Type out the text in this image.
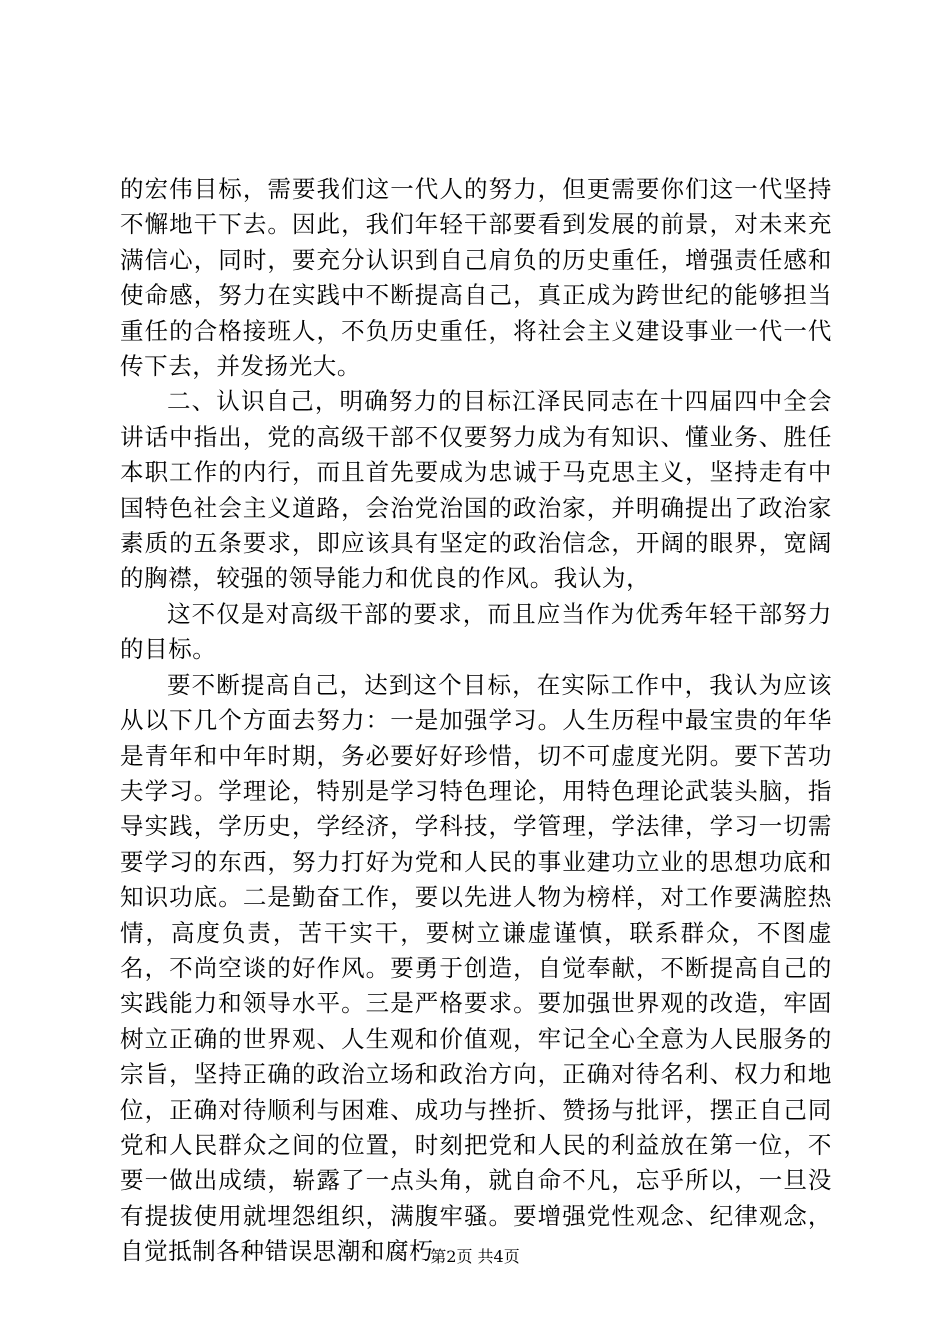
的宏伟目标，需要我们这一代人的努力，但更需要你们这一代坚持不懈地干下去。因此，我们年轻干部要看到发展的前景，对未来充满信心，同时，要充分认识到自己肩负的历史重任，增强责任感和使命感，努力在实践中不断提高自己，真正成为跨世纪的能够担当重任的合格接班人，不负历史重任，将社会主义建设事业一代一代传下去，并发扬光大。

二、认识自己，明确努力的目标江泽民同志在十四届四中全会讲话中指出，党的高级干部不仅要努力成为有知识、懂业务、胜任本职工作的内行，而且首先要成为忠诚于马克思主义，坚持走有中国特色社会主义道路，会治党治国的政治家，并明确提出了政治家素质的五条要求，即应该具有坚定的政治信念，开阔的眼界，宽阔的胸襟，较强的领导能力和优良的作风。我认为，

这不仅是对高级干部的要求，而且应当作为优秀年轻干部努力的目标。

要不断提高自己，达到这个目标，在实际工作中，我认为应该从以下几个方面去努力：一是加强学习。人生历程中最宝贵的年华是青年和中年时期，务必要好好珍惜，切不可虚度光阴。要下苦功夫学习。学理论，特别是学习特色理论，用特色理论武装头脑，指导实践，学历史，学经济，学科技，学管理，学法律，学习一切需要学习的东西，努力打好为党和人民的事业建功立业的思想功底和知识功底。二是勤奋工作，要以先进人物为榜样，对工作要满腔热情，高度负责，苦干实干，要树立谦虚谨慎，联系群众，不图虚名，不尚空谈的好作风。要勇于创造，自觉奉献，不断提高自己的实践能力和领导水平。三是严格要求。要加强世界观的改造，牢固树立正确的世界观、人生观和价值观，牢记全心全意为人民服务的宗旨，坚持正确的政治立场和政治方向，正确对待名利、权力和地位，正确对待顺利与困难、成功与挫折、赞扬与批评，摆正自己同党和人民群众之间的位置，时刻把党和人民的利益放在第一位，不要一做出成绩，崭露了一点头角，就自命不凡，忘乎所以，一旦没有提拔使用就埋怨组织，满腹牢骚。要增强党性观念、纪律观念，自觉抵制各种错误思潮和腐朽

第2页 共4页
